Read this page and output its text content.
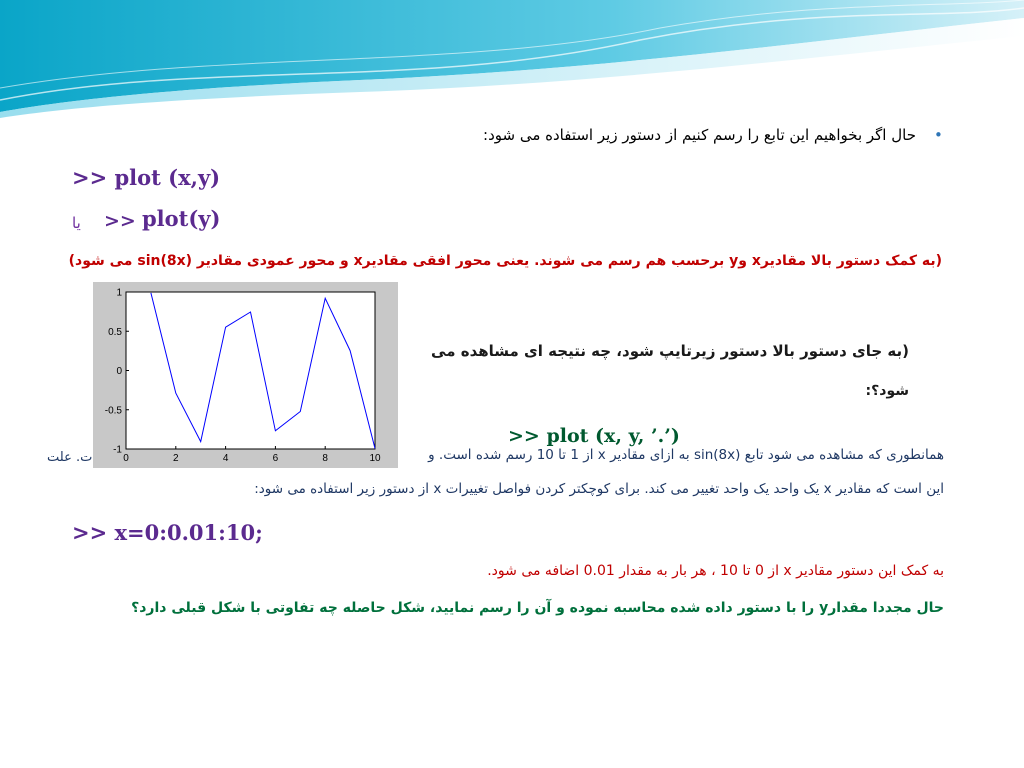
•
حال اگر بخواهیم این تابع را رسم کنیم از دستور زیر استفاده می شود:
>> plot (x,y)
یا >> plot(y)
(به کمک دستور بالا مقادیرx وy برحسب هم رسم می شوند. یعنی محور افقی مقادیرx و محور عمودی مقادیر sin(8x) می شود)
(به جای دستور بالا دستور زیرتایپ شود، چه نتیجه ای مشاهده می
شود؟:
>> plot (x, y, ’.’)
همانطوری که مشاهده می شود تابع sin(8x) به ازای مقادیر x از 1 تا 10 رسم شده است. و
ت. علت
این است که مقادیر x یک واحد یک واحد تغییر می کند. برای کوچکتر کردن فواصل تغییرات x از دستور زیر استفاده می شود:
>> x=0:0.01:10;
به کمک این دستور مقادیر x از 0 تا 10 ، هر بار به مقدار 0.01 اضافه می شود.
حال مجددا مقدارy را با دستور داده شده محاسبه نموده و آن را رسم نمایید، شکل حاصله چه تفاوتی با شکل قبلی دارد؟
0	2	4	6	8	10
1
0.5
0
-0.5
-1
